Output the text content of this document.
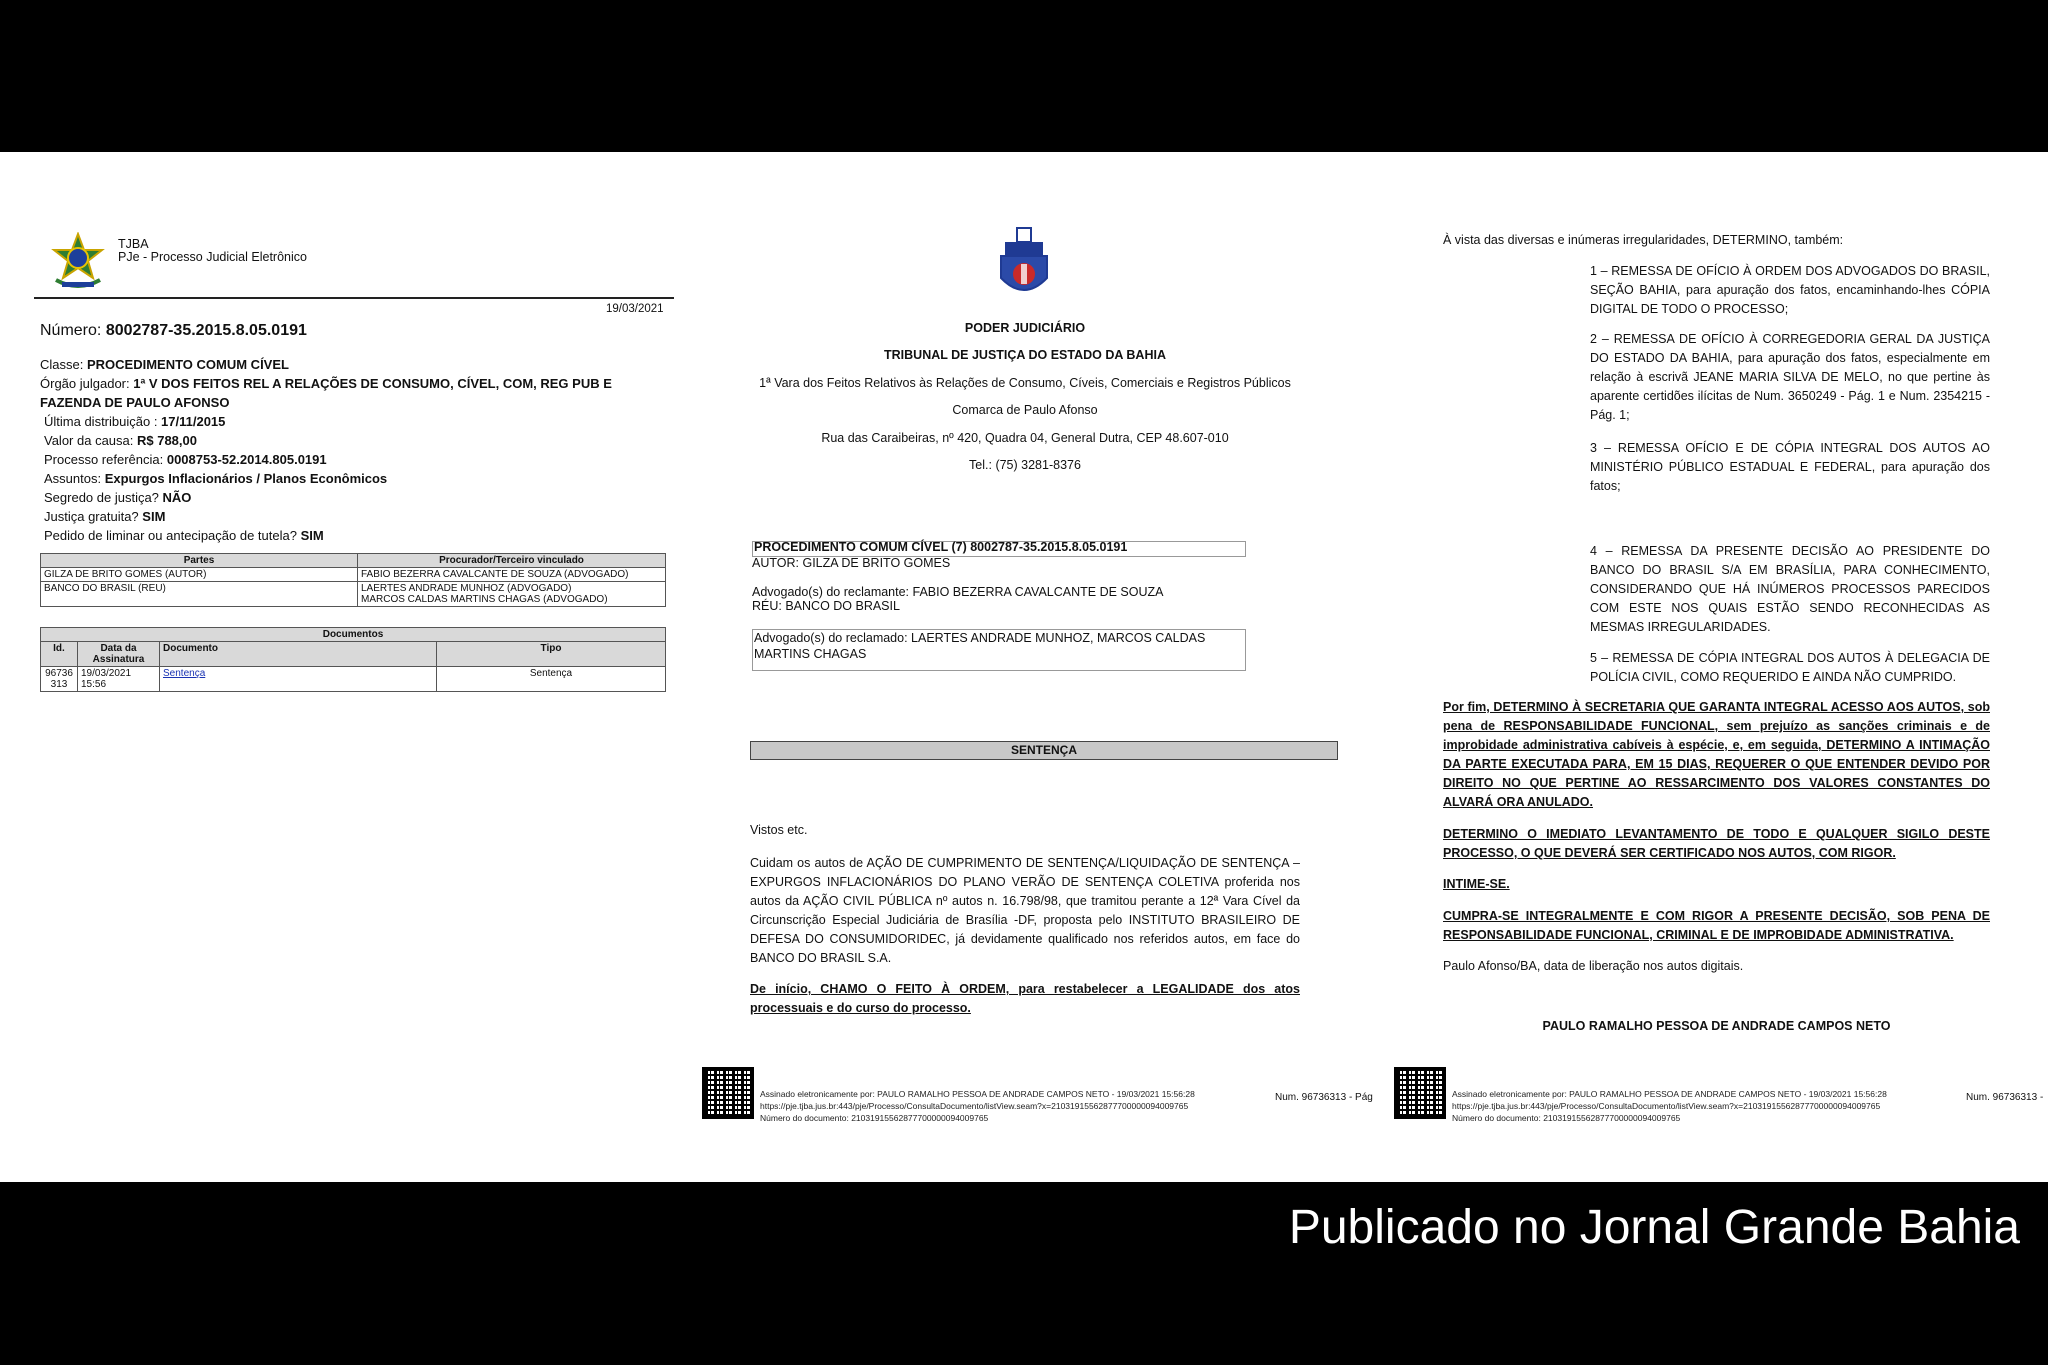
TJBA
PJe - Processo Judicial Eletrônico
19/03/2021
Número: 8002787-35.2015.8.05.0191
Classe: PROCEDIMENTO COMUM CÍVEL
Órgão julgador: 1ª V DOS FEITOS REL A RELAÇÕES DE CONSUMO, CÍVEL, COM, REG PUB E FAZENDA DE PAULO AFONSO
Última distribuição : 17/11/2015
Valor da causa: R$ 788,00
Processo referência: 0008753-52.2014.805.0191
Assuntos: Expurgos Inflacionários / Planos Econômicos
Segredo de justiça? NÃO
Justiça gratuita? SIM
Pedido de liminar ou antecipação de tutela? SIM
Partes	Procurador/Terceiro vinculado
GILZA DE BRITO GOMES (AUTOR)	FABIO BEZERRA CAVALCANTE DE SOUZA (ADVOGADO)
BANCO DO BRASIL (REU)	LAERTES ANDRADE MUNHOZ (ADVOGADO)
MARCOS CALDAS MARTINS CHAGAS (ADVOGADO)
Documentos			
Id.	Data da Assinatura	Documento	Tipo
96736 313	19/03/2021 15:56	Sentença	Sentença
PODER JUDICIÁRIO
TRIBUNAL DE JUSTIÇA DO ESTADO DA BAHIA
1ª Vara dos Feitos Relativos às Relações de Consumo, Cíveis, Comerciais e Registros Públicos
Comarca de Paulo Afonso
Rua das Caraibeiras, nº 420, Quadra 04, General Dutra, CEP 48.607-010
Tel.: (75) 3281-8376
PROCEDIMENTO COMUM CÍVEL (7) 8002787-35.2015.8.05.0191
AUTOR: GILZA DE BRITO GOMES
Advogado(s) do reclamante: FABIO BEZERRA CAVALCANTE DE SOUZA
RÉU: BANCO DO BRASIL
Advogado(s) do reclamado: LAERTES ANDRADE MUNHOZ, MARCOS CALDAS MARTINS CHAGAS
SENTENÇA
Vistos etc.
Cuidam os autos de AÇÃO DE CUMPRIMENTO DE SENTENÇA/LIQUIDAÇÃO DE SENTENÇA – EXPURGOS INFLACIONÁRIOS DO PLANO VERÃO DE SENTENÇA COLETIVA proferida nos autos da AÇÃO CIVIL PÚBLICA nº autos n. 16.798/98, que tramitou perante a 12ª Vara Cível da Circunscrição Especial Judiciária de Brasília -DF, proposta pelo INSTITUTO BRASILEIRO DE DEFESA DO CONSUMIDORIDEC, já devidamente qualificado nos referidos autos, em face do BANCO DO BRASIL S.A.
De início, CHAMO O FEITO À ORDEM, para restabelecer a LEGALIDADE dos atos processuais e do curso do processo.
Assinado eletronicamente por: PAULO RAMALHO PESSOA DE ANDRADE CAMPOS NETO - 19/03/2021 15:56:28
https://pje.tjba.jus.br:443/pje/Processo/ConsultaDocumento/listView.seam?x=21031915562877700000094009765
Número do documento: 21031915562877700000094009765
Num. 96736313 - Pág
À vista das diversas e inúmeras irregularidades, DETERMINO, também:
1 – REMESSA DE OFÍCIO À ORDEM DOS ADVOGADOS DO BRASIL, SEÇÃO BAHIA, para apuração dos fatos, encaminhando-lhes CÓPIA DIGITAL DE TODO O PROCESSO;
2 – REMESSA DE OFÍCIO À CORREGEDORIA GERAL DA JUSTIÇA DO ESTADO DA BAHIA, para apuração dos fatos, especialmente em relação à escrivã JEANE MARIA SILVA DE MELO, no que pertine às aparente certidões ilícitas de Num. 3650249 - Pág. 1 e Num. 2354215 - Pág. 1;
3 – REMESSA OFÍCIO E DE CÓPIA INTEGRAL DOS AUTOS AO MINISTÉRIO PÚBLICO ESTADUAL E FEDERAL, para apuração dos fatos;
4 – REMESSA DA PRESENTE DECISÃO AO PRESIDENTE DO BANCO DO BRASIL S/A EM BRASÍLIA, PARA CONHECIMENTO, CONSIDERANDO QUE HÁ INÚMEROS PROCESSOS PARECIDOS COM ESTE NOS QUAIS ESTÃO SENDO RECONHECIDAS AS MESMAS IRREGULARIDADES.
5 – REMESSA DE CÓPIA INTEGRAL DOS AUTOS À DELEGACIA DE POLÍCIA CIVIL, COMO REQUERIDO E AINDA NÃO CUMPRIDO.
Por fim, DETERMINO À SECRETARIA QUE GARANTA INTEGRAL ACESSO AOS AUTOS, sob pena de RESPONSABILIDADE FUNCIONAL, sem prejuízo as sanções criminais e de improbidade administrativa cabíveis à espécie, e, em seguida, DETERMINO A INTIMAÇÃO DA PARTE EXECUTADA PARA, EM 15 DIAS, REQUERER O QUE ENTENDER DEVIDO POR DIREITO NO QUE PERTINE AO RESSARCIMENTO DOS VALORES CONSTANTES DO ALVARÁ ORA ANULADO.
DETERMINO O IMEDIATO LEVANTAMENTO DE TODO E QUALQUER SIGILO DESTE PROCESSO, O QUE DEVERÁ SER CERTIFICADO NOS AUTOS, COM RIGOR.
INTIME-SE.
CUMPRA-SE INTEGRALMENTE E COM RIGOR A PRESENTE DECISÃO, SOB PENA DE RESPONSABILIDADE FUNCIONAL, CRIMINAL E DE IMPROBIDADE ADMINISTRATIVA.
Paulo Afonso/BA, data de liberação nos autos digitais.
PAULO RAMALHO PESSOA DE ANDRADE CAMPOS NETO
Assinado eletronicamente por: PAULO RAMALHO PESSOA DE ANDRADE CAMPOS NETO - 19/03/2021 15:56:28
https://pje.tjba.jus.br:443/pje/Processo/ConsultaDocumento/listView.seam?x=21031915562877700000094009765
Número do documento: 21031915562877700000094009765
Num. 96736313 -
Publicado no Jornal Grande Bahia
